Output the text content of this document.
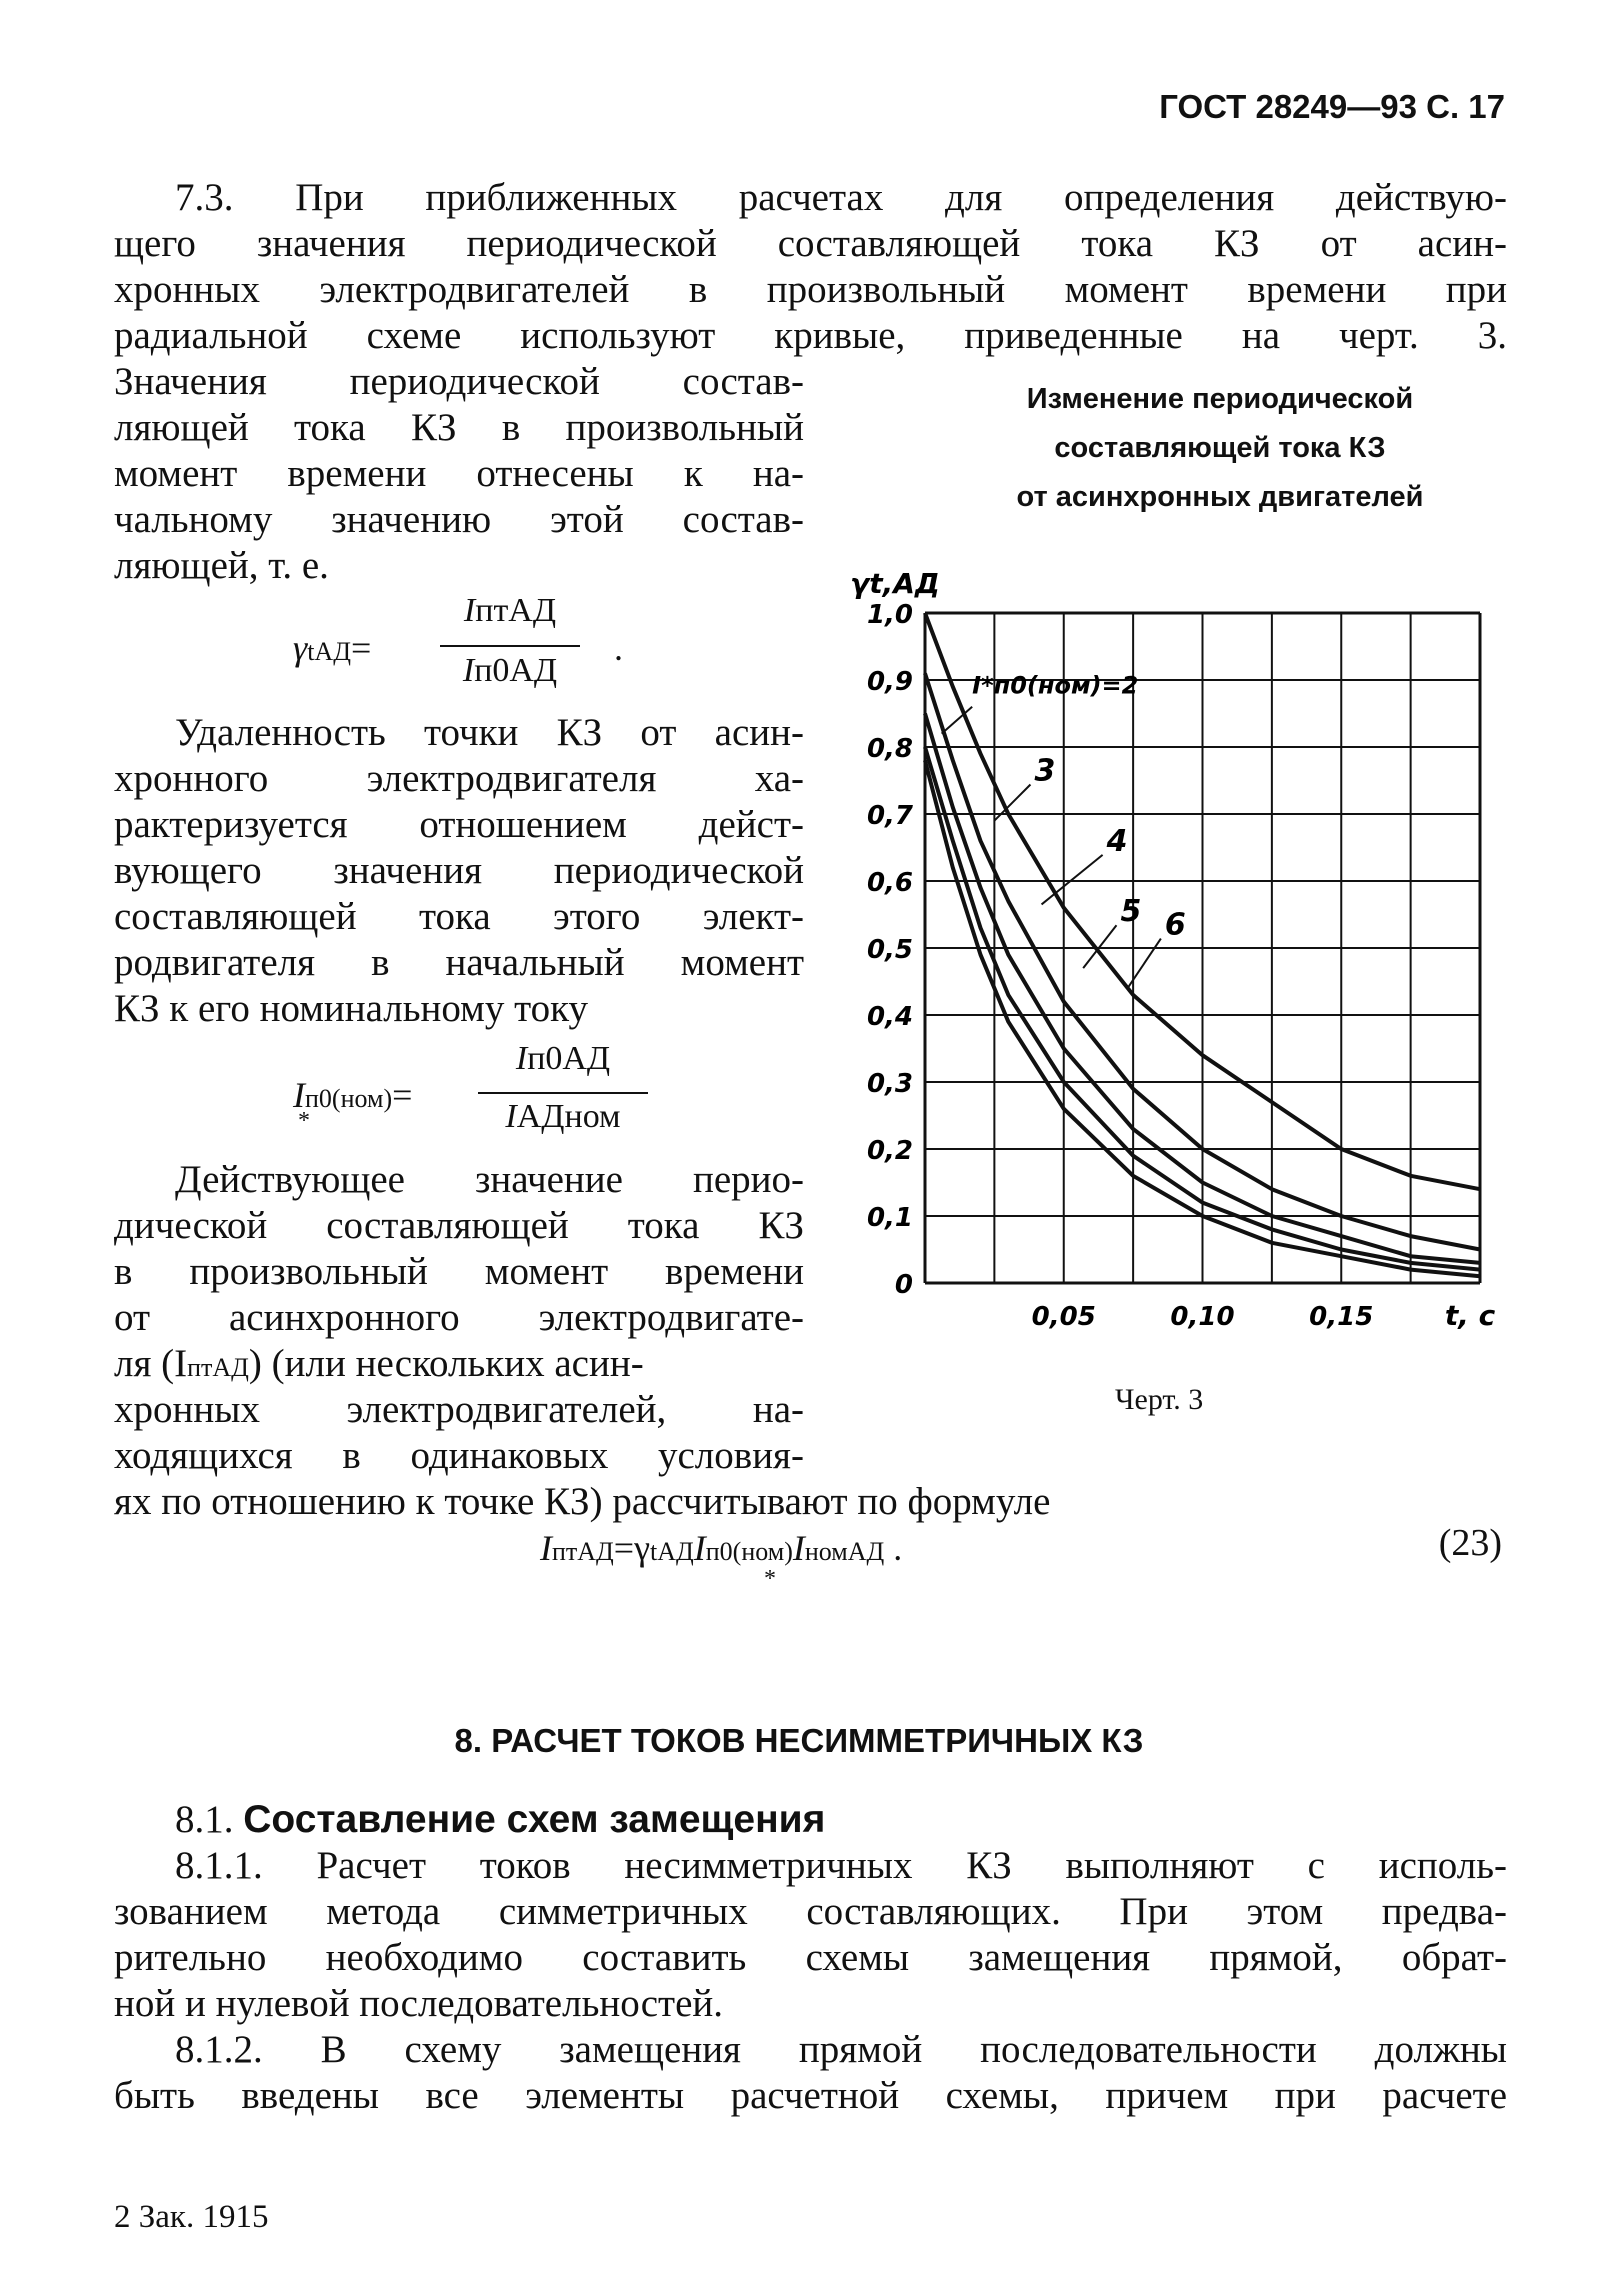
ГОСТ 28249—93 С. 17
7.3. При приближенных расчетах для определения действую-
щего значения периодической составляющей тока КЗ от асин-
хронных электродвигателей в произвольный момент времени при
радиальной схеме используют кривые, приведенные на черт. 3.
Значения периодической состав-
ляющей тока КЗ в произвольный
момент времени отнесены к на-
чальному значению этой состав-
ляющей, т. е.
γtАД=
IптАД
Iп0АД
.
Удаленность точки КЗ от асин-
хронного электродвигателя ха-
рактеризуется отношением дейст-
вующего значения периодической
составляющей тока этого элект-
родвигателя в начальный момент
КЗ к его номинальному току
Iп0(ном)=
*
Iп0АД
IАДном
Действующее значение перио-
дической составляющей тока КЗ
в произвольный момент времени
от асинхронного электродвигате-
ля (IптАД) (или нескольких асин-
хронных электродвигателей, на-
ходящихся в одинаковых условия-
ях по отношению к точке КЗ) рассчитывают по формуле
IптАД=γtАДIп0(ном)IномАД .
*
(23)
Изменение периодической
составляющей тока КЗ
от асинхронных двигателей
1,0
0,9
0,8
0,7
0,6
0,5
0,4
0,3
0,2
0,1
0
0,05	0,10	0,15
γt,АД
t, с
3
4
5 6
I*п0(ном)=2
Черт. 3
8. РАСЧЕТ ТОКОВ НЕСИММЕТРИЧНЫХ КЗ
8.1. Составление схем замещения
8.1.1. Расчет токов несимметричных КЗ выполняют с исполь-
зованием метода симметричных составляющих. При этом предва-
рительно необходимо составить схемы замещения прямой, обрат-
ной и нулевой последовательностей.
8.1.2. В схему замещения прямой последовательности должны
быть введены все элементы расчетной схемы, причем при расчете
2 Зак. 1915
